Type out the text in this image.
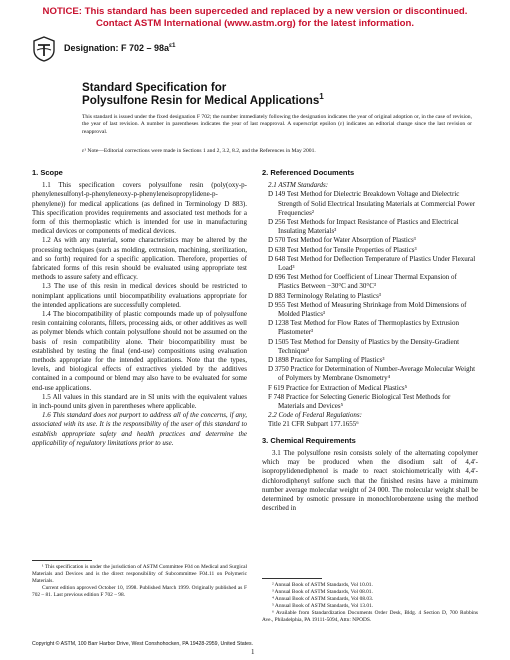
NOTICE: This standard has been superceded and replaced by a new version or discontinued.
Contact ASTM International (www.astm.org) for the latest information.
Designation: F $702 - 98a^{\varepsilon 1}$
Standard Specification for
Polysulfone Resin for Medical Applications$^1$
This standard is issued under the fixed designation F 702; the number immediately following the designation indicates the year of original adoption or, in the case of revision, the year of last revision. A number in parentheses indicates the year of last reapproval. A superscript epsilon (ε) indicates an editorial change since the last revision or reapproval.
ε¹ Note—Editorial corrections were made in Sections 1 and 2, 3.2, 8.2, and the References in May 2001.
1. Scope

1.1 This specification covers polysulfone resin (poly(oxy-p-phenylenesulfonyl-p-phenyleneoxy-p-phenyleneisopropylidene-p-phenylene)) for medical applications (as defined in Terminology D 883). This specification provides requirements and associated test methods for a form of this thermoplastic which is intended for use in manufacturing medical devices or components of medical devices.

1.2 As with any material, some characteristics may be altered by the processing techniques (such as molding, extrusion, machining, sterilization, and so forth) required for a specific application. Therefore, properties of fabricated forms of this resin should be evaluated using appropriate test methods to assure safety and efficacy.

1.3 The use of this resin in medical devices should be restricted to nonimplant applications until biocompatibility evaluations appropriate for the intended applications are successfully completed.

1.4 The biocompatibility of plastic compounds made up of polysulfone resin containing colorants, fillers, processing aids, or other additives as well as polymer blends which contain polysulfone should not be assumed on the basis of resin compatibility alone. Their biocompatibility must be established by testing the final (end-use) compositions using evaluation methods appropriate for the intended applications. Note that the types, levels, and biological effects of extractives yielded by the additives contained in a compound or blend may also have to be evaluated for some end-use applications.

1.5 All values in this standard are in SI units with the equivalent values in inch-pound units given in parentheses where applicable.

1.6 This standard does not purport to address all of the concerns, if any, associated with its use. It is the responsibility of the user of this standard to establish appropriate safety and health practices and determine the applicability of regulatory limitations prior to use.

¹ This specification is under the jurisdiction of ASTM Committee F04 on Medical and Surgical Materials and Devices and is the direct responsibility of Subcommittee F04.11 on Polymeric Materials.
Current edition approved October 10, 1998. Published March 1999. Originally published as F 702 – 81. Last previous edition F 702 – 98.
2. Referenced Documents
2.1 ASTM Standards:

D 149 Test Method for Dielectric Breakdown Voltage and Dielectric Strength of Solid Electrical Insulating Materials at Commercial Power Frequencies²

D 256 Test Methods for Impact Resistance of Plastics and Electrical Insulating Materials³

D 570 Test Method for Water Absorption of Plastics³

D 638 Test Method for Tensile Properties of Plastics³

D 648 Test Method for Deflection Temperature of Plastics Under Flexural Load³

D 696 Test Method for Coefficient of Linear Thermal Expansion of Plastics Between −30°C and 30°C³

D 883 Terminology Relating to Plastics³

D 955 Test Method of Measuring Shrinkage from Mold Dimensions of Molded Plastics³

D 1238 Test Method for Flow Rates of Thermoplastics by Extrusion Plastometer³

D 1505 Test Method for Density of Plastics by the Density-Gradient Technique³

D 1898 Practice for Sampling of Plastics³

D 3750 Practice for Determination of Number-Average Molecular Weight of Polymers by Membrane Osmometry⁴

F 619 Practice for Extraction of Medical Plastics⁵

F 748 Practice for Selecting Generic Biological Test Methods for Materials and Devices⁵

2.2 Code of Federal Regulations:

Title 21 CFR Subpart 177.1655⁶

3. Chemical Requirements

3.1 The polysulfone resin consists solely of the alternating copolymer which may be produced when the disodium salt of 4,4′-isopropylidenediphenol is made to react stoichiometrically with 4,4′-dichlorodiphenyl sulfone such that the finished resins have a minimum number average molecular weight of 24 000. The molecular weight shall be determined by osmotic pressure in monochlorobenzene using the method described in

² Annual Book of ASTM Standards, Vol 10.01.
³ Annual Book of ASTM Standards, Vol 08.01.
⁴ Annual Book of ASTM Standards, Vol 08.03.
⁵ Annual Book of ASTM Standards, Vol 13.01.
⁶ Available from Standardization Documents Order Desk, Bldg. 4 Section D, 700 Robbins Ave., Philadelphia, PA 19111-5094, Attn: NPODS.
Copyright © ASTM, 100 Barr Harbor Drive, West Conshohocken, PA 19428-2959, United States.
1
